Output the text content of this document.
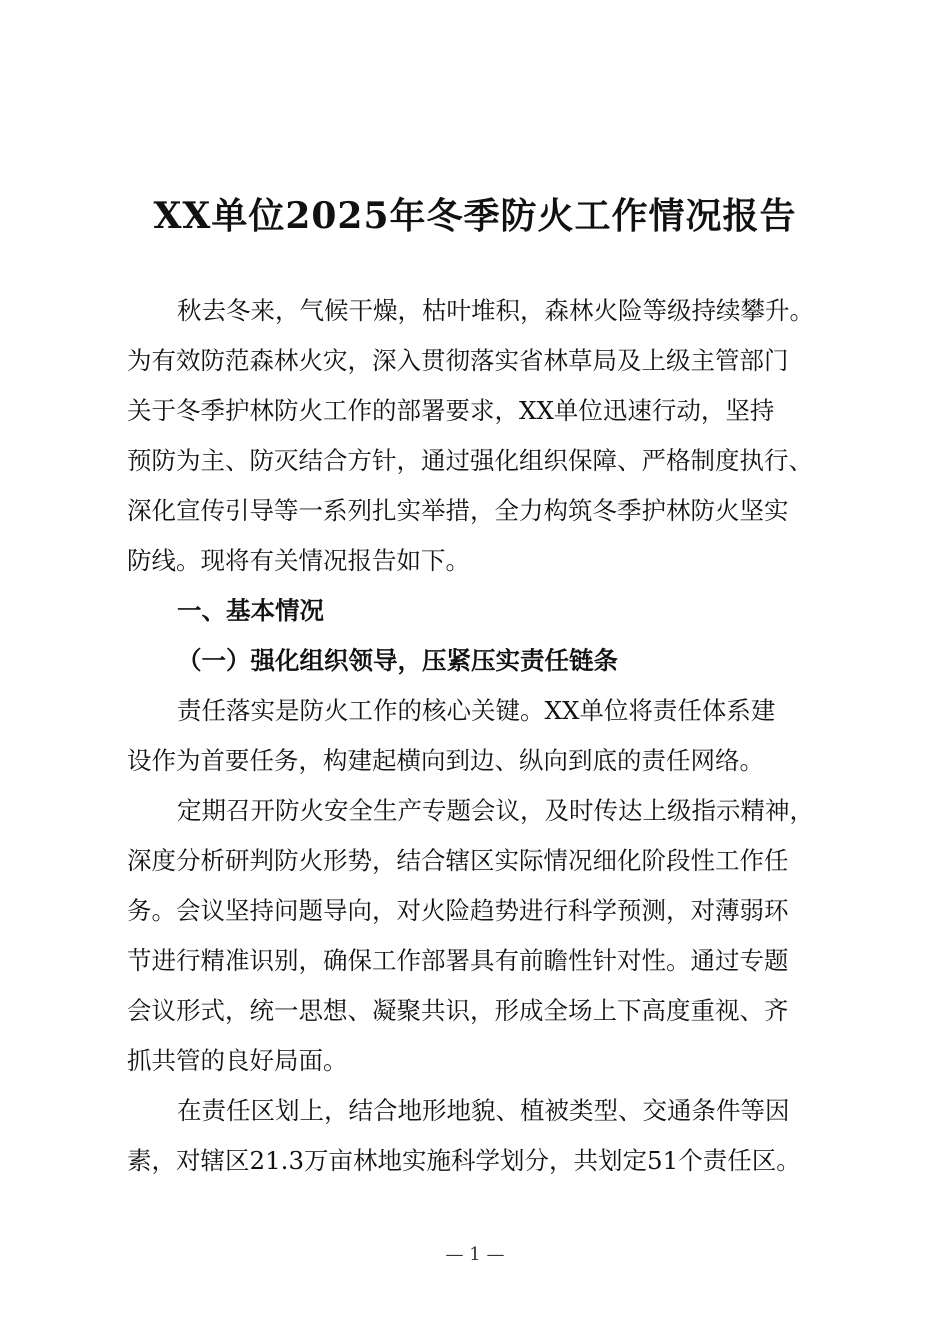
XX单位2025年冬季防火工作情况报告
秋去冬来，气候干燥，枯叶堆积，森林火险等级持续攀升。
为有效防范森林火灾，深入贯彻落实省林草局及上级主管部门
关于冬季护林防火工作的部署要求，XX单位迅速行动，坚持
预防为主、防灭结合方针，通过强化组织保障、严格制度执行、
深化宣传引导等一系列扎实举措，全力构筑冬季护林防火坚实
防线。现将有关情况报告如下。
一、基本情况
（一）强化组织领导，压紧压实责任链条
责任落实是防火工作的核心关键。XX单位将责任体系建
设作为首要任务，构建起横向到边、纵向到底的责任网络。
定期召开防火安全生产专题会议，及时传达上级指示精神，
深度分析研判防火形势，结合辖区实际情况细化阶段性工作任
务。会议坚持问题导向，对火险趋势进行科学预测，对薄弱环
节进行精准识别，确保工作部署具有前瞻性针对性。通过专题
会议形式，统一思想、凝聚共识，形成全场上下高度重视、齐
抓共管的良好局面。
在责任区划上，结合地形地貌、植被类型、交通条件等因
素，对辖区21.3万亩林地实施科学划分，共划定51个责任区。
— 1 —
